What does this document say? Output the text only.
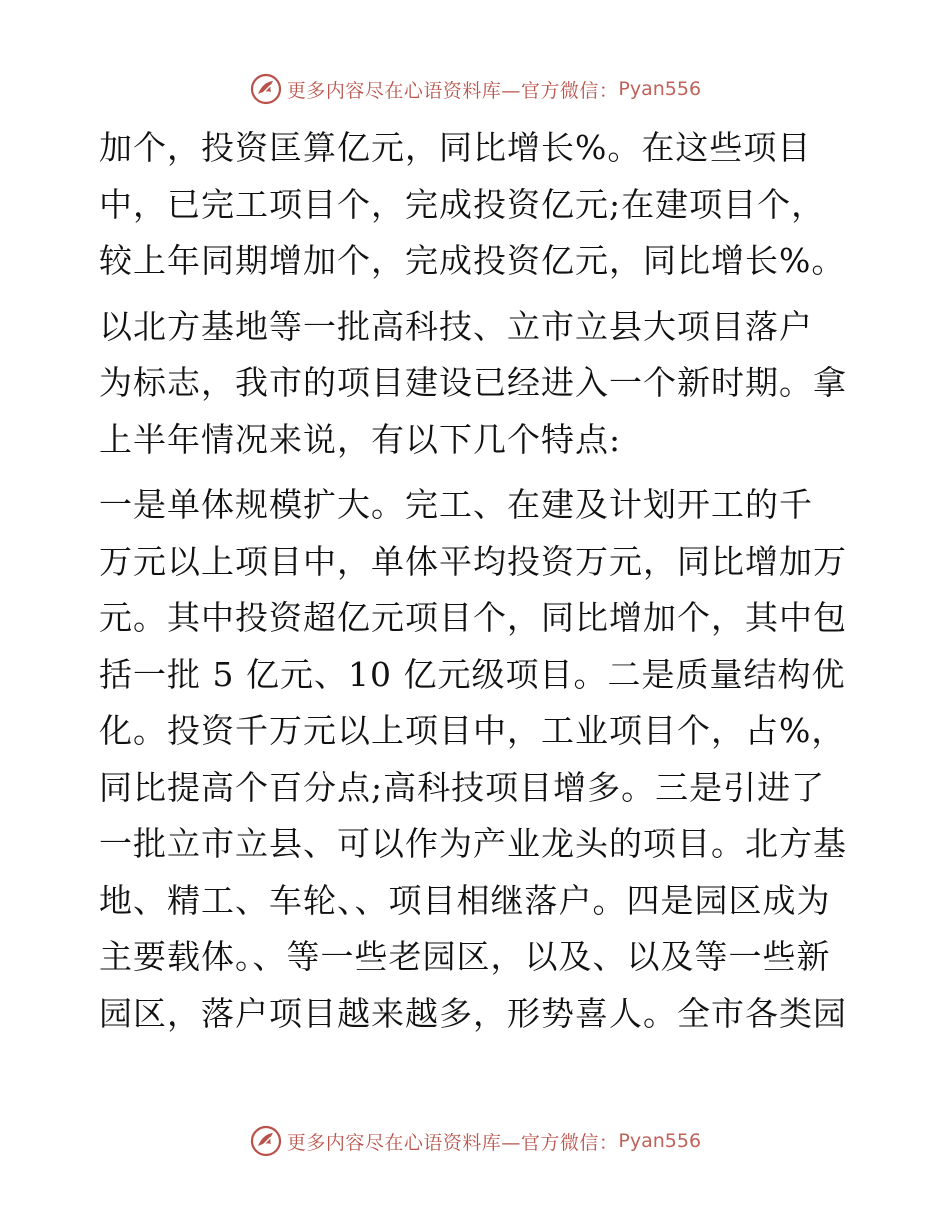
更多内容尽在心语资料库—官方微信： Pyan556

加个，投资匡算亿元，同比增长%。在这些项目
中，已完工项目个，完成投资亿元;在建项目个，
较上年同期增加个，完成投资亿元，同比增长%。

以北方基地等一批高科技、立市立县大项目落户
为标志，我市的项目建设已经进入一个新时期。拿
上半年情况来说，有以下几个特点:

一是单体规模扩大。完工、在建及计划开工的千
万元以上项目中，单体平均投资万元，同比增加万
元。其中投资超亿元项目个，同比增加个，其中包
括一批 5 亿元、10 亿元级项目。二是质量结构优
化。投资千万元以上项目中，工业项目个，占%，
同比提高个百分点;高科技项目增多。三是引进了
一批立市立县、可以作为产业龙头的项目。北方基
地、精工、车轮、、项目相继落户。四是园区成为
主要载体。、等一些老园区，以及、以及等一些新
园区，落户项目越来越多，形势喜人。全市各类园

更多内容尽在心语资料库—官方微信： Pyan556
